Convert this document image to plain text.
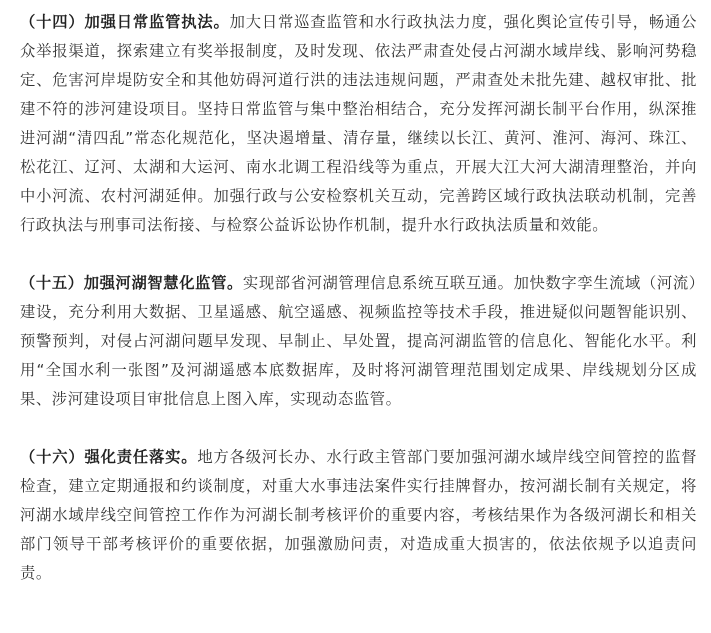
（十四）加强日常监管执法。加大日常巡查监管和水行政执法力度，强化舆论宣传引导，畅通公众举报渠道，探索建立有奖举报制度，及时发现、依法严肃查处侵占河湖水域岸线、影响河势稳定、危害河岸堤防安全和其他妨碍河道行洪的违法违规问题，严肃查处未批先建、越权审批、批建不符的涉河建设项目。坚持日常监管与集中整治相结合，充分发挥河湖长制平台作用，纵深推进河湖“清四乱”常态化规范化，坚决遏增量、清存量，继续以长江、黄河、淮河、海河、珠江、松花江、辽河、太湖和大运河、南水北调工程沿线等为重点，开展大江大河大湖清理整治，并向中小河流、农村河湖延伸。加强行政与公安检察机关互动，完善跨区域行政执法联动机制，完善行政执法与刑事司法衔接、与检察公益诉讼协作机制，提升水行政执法质量和效能。

（十五）加强河湖智慧化监管。实现部省河湖管理信息系统互联互通。加快数字孪生流域（河流）建设，充分利用大数据、卫星遥感、航空遥感、视频监控等技术手段，推进疑似问题智能识别、预警预判，对侵占河湖问题早发现、早制止、早处置，提高河湖监管的信息化、智能化水平。利用“全国水利一张图”及河湖遥感本底数据库，及时将河湖管理范围划定成果、岸线规划分区成果、涉河建设项目审批信息上图入库，实现动态监管。

（十六）强化责任落实。地方各级河长办、水行政主管部门要加强河湖水域岸线空间管控的监督检查，建立定期通报和约谈制度，对重大水事违法案件实行挂牌督办，按河湖长制有关规定，将河湖水域岸线空间管控工作作为河湖长制考核评价的重要内容，考核结果作为各级河湖长和相关部门领导干部考核评价的重要依据，加强激励问责，对造成重大损害的，依法依规予以追责问责。
